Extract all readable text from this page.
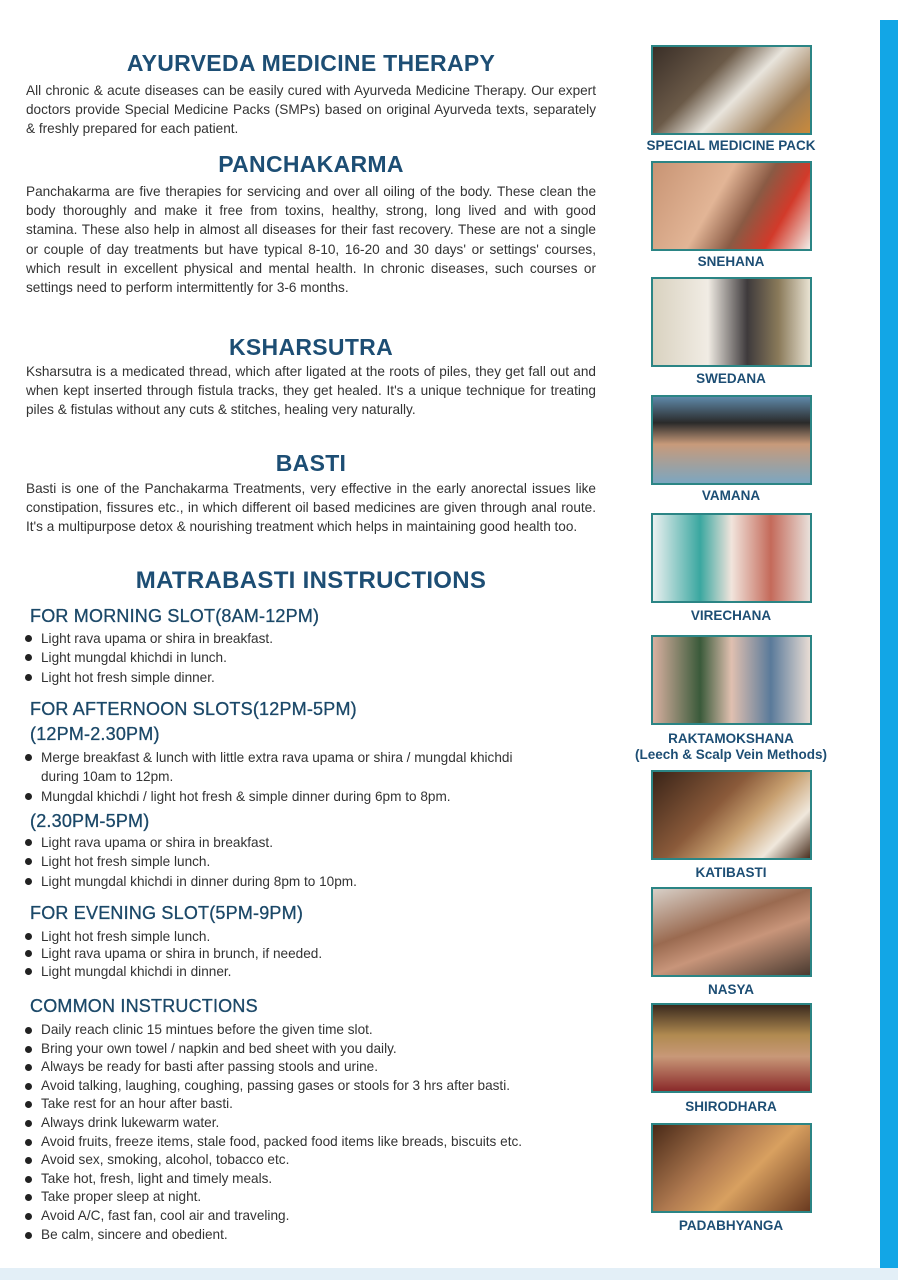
AYURVEDA MEDICINE THERAPY
All chronic & acute diseases can be easily cured with Ayurveda Medicine Therapy. Our expert doctors provide Special Medicine Packs (SMPs) based on original Ayurveda texts, separately & freshly prepared for each patient.
PANCHAKARMA
Panchakarma are five therapies for servicing and over all oiling of the body. These clean the body thoroughly and make it free from toxins, healthy, strong, long lived and with good stamina. These also help in almost all diseases for their fast recovery. These are not a single or couple of day treatments but have typical 8-10, 16-20 and 30 days' or settings' courses, which result in excellent physical and mental health. In chronic diseases, such courses or settings need to perform intermittently for 3-6 months.
KSHARSUTRA
Ksharsutra is a medicated thread, which after ligated at the roots of piles, they get fall out and when kept inserted through fistula tracks, they get healed. It's a unique technique for treating piles & fistulas without any cuts & stitches, healing very naturally.
BASTI
Basti is one of the Panchakarma Treatments, very effective in the early anorectal issues like constipation, fissures etc., in which different oil based medicines are given through anal route. It's a multipurpose detox & nourishing treatment which helps in maintaining good health too.
MATRABASTI INSTRUCTIONS
FOR MORNING SLOT(8AM-12PM)
Light rava upama or shira in breakfast.
Light mungdal khichdi in lunch.
Light hot fresh simple dinner.
FOR AFTERNOON SLOTS(12PM-5PM)
(12PM-2.30PM)
Merge breakfast & lunch with little extra rava upama or shira / mungdal khichdi during 10am to 12pm.
Mungdal khichdi / light hot fresh & simple dinner during 6pm to 8pm.
(2.30PM-5PM)
Light rava upama or shira in breakfast.
Light hot fresh simple lunch.
Light mungdal khichdi in dinner during 8pm to 10pm.
FOR EVENING SLOT(5PM-9PM)
Light hot fresh simple lunch.
Light rava upama or shira in brunch, if needed.
Light mungdal khichdi in dinner.
COMMON INSTRUCTIONS
Daily reach clinic 15 mintues before the given time slot.
Bring your own towel / napkin and bed sheet with you daily.
Always be ready for basti after passing stools and urine.
Avoid talking, laughing, coughing, passing gases or stools for 3 hrs after basti.
Take rest for an hour after basti.
Always drink lukewarm water.
Avoid fruits, freeze items, stale food, packed food items like breads, biscuits etc.
Avoid sex, smoking, alcohol, tobacco etc.
Take hot, fresh, light and timely meals.
Take proper sleep at night.
Avoid A/C, fast fan, cool air and traveling.
Be calm, sincere and obedient.
SPECIAL MEDICINE PACK
SNEHANA
SWEDANA
VAMANA
VIRECHANA
RAKTAMOKSHANA
(Leech & Scalp Vein Methods)
KATIBASTI
NASYA
SHIRODHARA
PADABHYANGA
